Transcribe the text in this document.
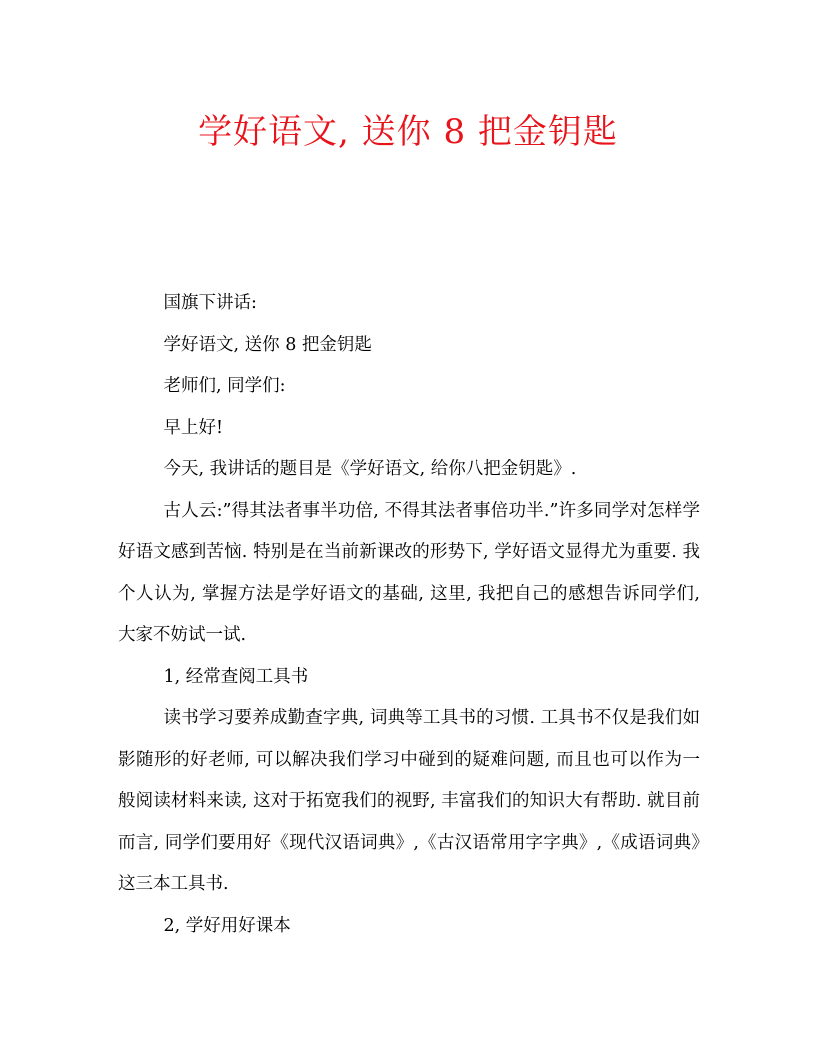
学好语文, 送你 8 把金钥匙

国旗下讲话:

学好语文, 送你 8 把金钥匙

老师们, 同学们:

早上好!

今天, 我讲话的题目是《学好语文, 给你八把金钥匙》.

古人云:”得其法者事半功倍, 不得其法者事倍功半.”许多同学对怎样学好语文感到苦恼. 特别是在当前新课改的形势下, 学好语文显得尤为重要. 我个人认为, 掌握方法是学好语文的基础, 这里, 我把自己的感想告诉同学们, 大家不妨试一试.

1, 经常查阅工具书

读书学习要养成勤查字典, 词典等工具书的习惯. 工具书不仅是我们如影随形的好老师, 可以解决我们学习中碰到的疑难问题, 而且也可以作为一般阅读材料来读, 这对于拓宽我们的视野, 丰富我们的知识大有帮助. 就目前而言, 同学们要用好《现代汉语词典》,《古汉语常用字字典》,《成语词典》这三本工具书.

2, 学好用好课本
